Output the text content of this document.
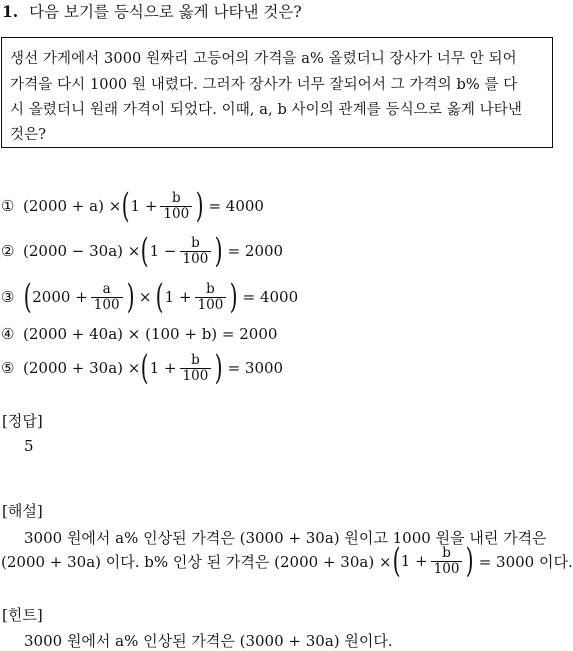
1. 다음 보기를 등식으로 옳게 나타낸 것은?
생선 가게에서 3000 원짜리 고등어의 가격을 a% 올렸더니 장사가 너무 안 되어
가격을 다시 1000 원 내렸다. 그러자 장사가 너무 잘되어서 그 가격의 b% 를 다
시 올렸더니 원래 가격이 되었다. 이때, a, b 사이의 관계를 등식으로 옳게 나타낸
것은?
① (2000 + a) × ( $1 + \frac{b}{100}$ ) = 4000
② (2000 − 30a) × ( $1 - \frac{b}{100}$ ) = 2000
③ ( $2000 + \frac{a}{100}$ ) × ( $1 + \frac{b}{100}$ ) = 4000
④ (2000 + 40a) × (100 + b) = 2000
⑤ (2000 + 30a) × ( $1 + \frac{b}{100}$ ) = 3000
[정답]
5
[해설]
3000 원에서 a% 인상된 가격은 (3000 + 30a) 원이고 1000 원을 내린 가격은
(2000 + 30a) 이다. b% 인상 된 가격은 (2000 + 30a) × ( $1 + \frac{b}{100}$ ) = 3000 이다.
[힌트]
3000 원에서 a% 인상된 가격은 (3000 + 30a) 원이다.
